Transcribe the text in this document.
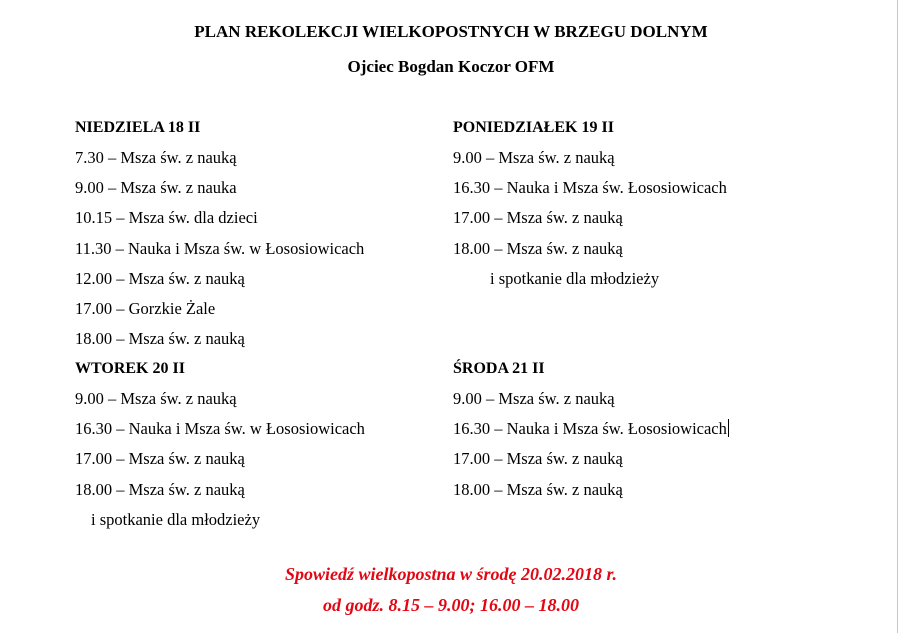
PLAN REKOLEKCJI WIELKOPOSTNYCH W BRZEGU DOLNYM
Ojciec Bogdan Koczor OFM
NIEDZIELA 18 II
7.30 – Msza św. z nauką
9.00 – Msza św. z nauka
10.15 – Msza św. dla dzieci
11.30 – Nauka i Msza św. w Łososiowicach
12.00 – Msza św. z nauką
17.00 – Gorzkie Żale
18.00 – Msza św. z nauką
PONIEDZIAŁEK 19 II
9.00 – Msza św. z nauką
16.30 – Nauka i Msza św. Łososiowicach
17.00 – Msza św. z nauką
18.00 – Msza św. z nauką
i spotkanie dla młodzieży
WTOREK 20 II
9.00 – Msza św. z nauką
16.30 – Nauka i Msza św. w Łososiowicach
17.00 – Msza św. z nauką
18.00 – Msza św. z nauką
i spotkanie dla młodzieży
ŚRODA 21 II
9.00 – Msza św. z nauką
16.30 – Nauka i Msza św. Łososiowicach
17.00 – Msza św. z nauką
18.00 – Msza św. z nauką
Spowiedź wielkopostna w środę 20.02.2018 r.
od godz. 8.15 – 9.00; 16.00 – 18.00
